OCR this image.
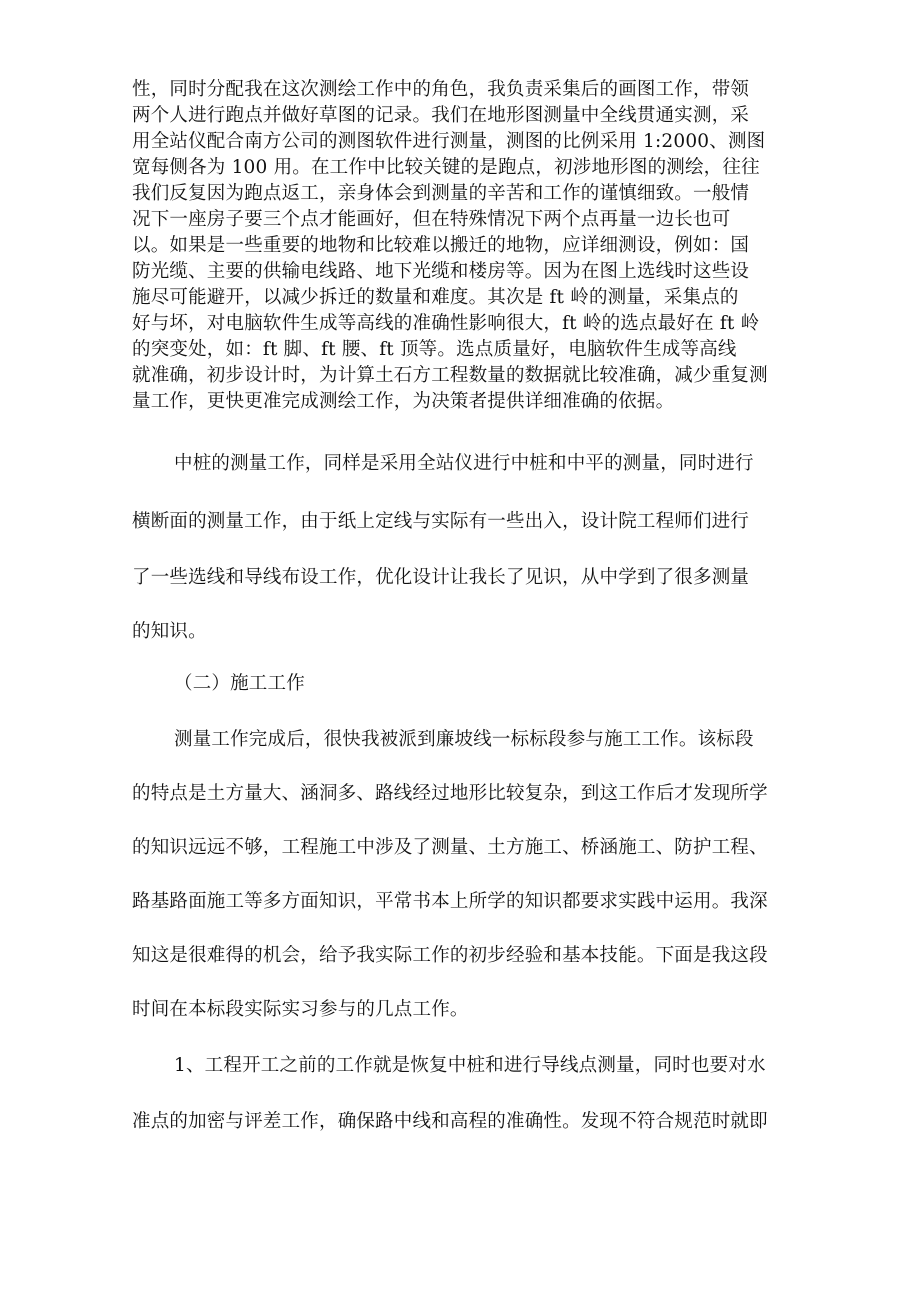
性，同时分配我在这次测绘工作中的角色，我负责采集后的画图工作，带领
两个人进行跑点并做好草图的记录。我们在地形图测量中全线贯通实测，采
用全站仪配合南方公司的测图软件进行测量，测图的比例采用 1:2000、测图
宽每侧各为 100 用。在工作中比较关键的是跑点，初涉地形图的测绘，往往
我们反复因为跑点返工，亲身体会到测量的辛苦和工作的谨慎细致。一般情
况下一座房子要三个点才能画好，但在特殊情况下两个点再量一边长也可
以。如果是一些重要的地物和比较难以搬迁的地物，应详细测设，例如：国
防光缆、主要的供输电线路、地下光缆和楼房等。因为在图上选线时这些设
施尽可能避开，以减少拆迁的数量和难度。其次是 ft 岭的测量，采集点的
好与坏，对电脑软件生成等高线的准确性影响很大，ft 岭的选点最好在 ft 岭
的突变处，如：ft 脚、ft 腰、ft 顶等。选点质量好，电脑软件生成等高线
就准确，初步设计时，为计算土石方工程数量的数据就比较准确，减少重复测
量工作，更快更准完成测绘工作，为决策者提供详细准确的依据。
中桩的测量工作，同样是采用全站仪进行中桩和中平的测量，同时进行
横断面的测量工作，由于纸上定线与实际有一些出入，设计院工程师们进行
了一些选线和导线布设工作，优化设计让我长了见识，从中学到了很多测量
的知识。
（二）施工工作
测量工作完成后，很快我被派到廉坡线一标标段参与施工工作。该标段
的特点是土方量大、涵洞多、路线经过地形比较复杂，到这工作后才发现所学
的知识远远不够，工程施工中涉及了测量、土方施工、桥涵施工、防护工程、
路基路面施工等多方面知识，平常书本上所学的知识都要求实践中运用。我深
知这是很难得的机会，给予我实际工作的初步经验和基本技能。下面是我这段
时间在本标段实际实习参与的几点工作。
1、工程开工之前的工作就是恢复中桩和进行导线点测量，同时也要对水
准点的加密与评差工作，确保路中线和高程的准确性。发现不符合规范时就即
